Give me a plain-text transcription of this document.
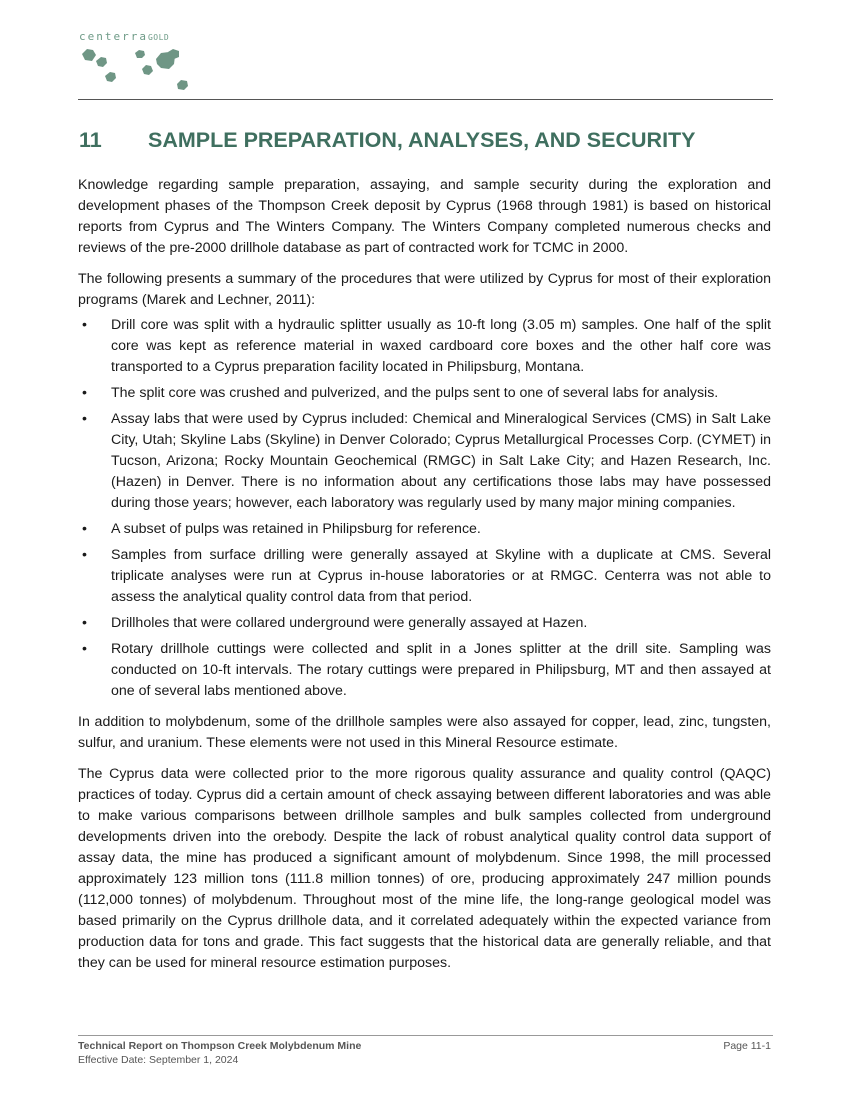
centerraGOLD
11 SAMPLE PREPARATION, ANALYSES, AND SECURITY

Knowledge regarding sample preparation, assaying, and sample security during the exploration and development phases of the Thompson Creek deposit by Cyprus (1968 through 1981) is based on historical reports from Cyprus and The Winters Company. The Winters Company completed numerous checks and reviews of the pre-2000 drillhole database as part of contracted work for TCMC in 2000.

The following presents a summary of the procedures that were utilized by Cyprus for most of their exploration programs (Marek and Lechner, 2011):

• Drill core was split with a hydraulic splitter usually as 10-ft long (3.05 m) samples. One half of the split core was kept as reference material in waxed cardboard core boxes and the other half core was transported to a Cyprus preparation facility located in Philipsburg, Montana.
• The split core was crushed and pulverized, and the pulps sent to one of several labs for analysis.
• Assay labs that were used by Cyprus included: Chemical and Mineralogical Services (CMS) in Salt Lake City, Utah; Skyline Labs (Skyline) in Denver Colorado; Cyprus Metallurgical Processes Corp. (CYMET) in Tucson, Arizona; Rocky Mountain Geochemical (RMGC) in Salt Lake City; and Hazen Research, Inc. (Hazen) in Denver. There is no information about any certifications those labs may have possessed during those years; however, each laboratory was regularly used by many major mining companies.
• A subset of pulps was retained in Philipsburg for reference.
• Samples from surface drilling were generally assayed at Skyline with a duplicate at CMS. Several triplicate analyses were run at Cyprus in-house laboratories or at RMGC. Centerra was not able to assess the analytical quality control data from that period.
• Drillholes that were collared underground were generally assayed at Hazen.
• Rotary drillhole cuttings were collected and split in a Jones splitter at the drill site. Sampling was conducted on 10-ft intervals. The rotary cuttings were prepared in Philipsburg, MT and then assayed at one of several labs mentioned above.

In addition to molybdenum, some of the drillhole samples were also assayed for copper, lead, zinc, tungsten, sulfur, and uranium. These elements were not used in this Mineral Resource estimate.

The Cyprus data were collected prior to the more rigorous quality assurance and quality control (QAQC) practices of today. Cyprus did a certain amount of check assaying between different laboratories and was able to make various comparisons between drillhole samples and bulk samples collected from underground developments driven into the orebody. Despite the lack of robust analytical quality control data support of assay data, the mine has produced a significant amount of molybdenum. Since 1998, the mill processed approximately 123 million tons (111.8 million tonnes) of ore, producing approximately 247 million pounds (112,000 tonnes) of molybdenum. Throughout most of the mine life, the long-range geological model was based primarily on the Cyprus drillhole data, and it correlated adequately within the expected variance from production data for tons and grade. This fact suggests that the historical data are generally reliable, and that they can be used for mineral resource estimation purposes.

Technical Report on Thompson Creek Molybdenum Mine
Effective Date: September 1, 2024
Page 11-1
